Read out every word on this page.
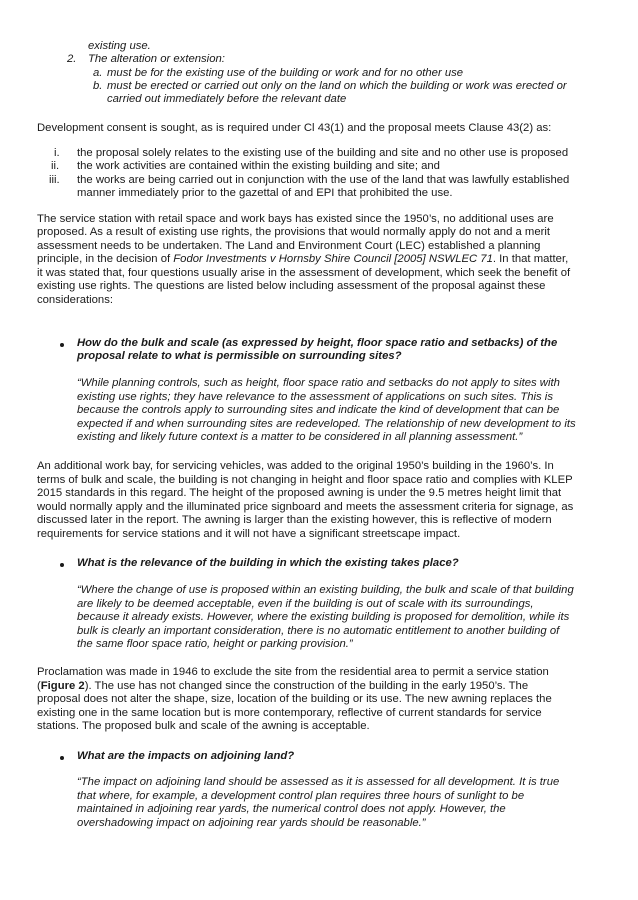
existing use.
2. The alteration or extension:
a. must be for the existing use of the building or work and for no other use
b. must be erected or carried out only on the land on which the building or work was erected or
carried out immediately before the relevant date
Development consent is sought, as is required under Cl 43(1) and the proposal meets Clause 43(2) as:
i. the proposal solely relates to the existing use of the building and site and no other use is proposed
ii. the work activities are contained within the existing building and site; and
iii. the works are being carried out in conjunction with the use of the land that was lawfully established
manner immediately prior to the gazettal of and EPI that prohibited the use.
The service station with retail space and work bays has existed since the 1950’s, no additional uses are
proposed. As a result of existing use rights, the provisions that would normally apply do not and a merit
assessment needs to be undertaken. The Land and Environment Court (LEC) established a planning
principle, in the decision of Fodor Investments v Hornsby Shire Council [2005] NSWLEC 71. In that matter,
it was stated that, four questions usually arise in the assessment of development, which seek the benefit of
existing use rights. The questions are listed below including assessment of the proposal against these
considerations:
How do the bulk and scale (as expressed by height, floor space ratio and setbacks) of the
proposal relate to what is permissible on surrounding sites?
“While planning controls, such as height, floor space ratio and setbacks do not apply to sites with
existing use rights; they have relevance to the assessment of applications on such sites. This is
because the controls apply to surrounding sites and indicate the kind of development that can be
expected if and when surrounding sites are redeveloped. The relationship of new development to its
existing and likely future context is a matter to be considered in all planning assessment.”
An additional work bay, for servicing vehicles, was added to the original 1950’s building in the 1960’s. In
terms of bulk and scale, the building is not changing in height and floor space ratio and complies with KLEP
2015 standards in this regard. The height of the proposed awning is under the 9.5 metres height limit that
would normally apply and the illuminated price signboard and meets the assessment criteria for signage, as
discussed later in the report. The awning is larger than the existing however, this is reflective of modern
requirements for service stations and it will not have a significant streetscape impact.
What is the relevance of the building in which the existing takes place?
“Where the change of use is proposed within an existing building, the bulk and scale of that building
are likely to be deemed acceptable, even if the building is out of scale with its surroundings,
because it already exists. However, where the existing building is proposed for demolition, while its
bulk is clearly an important consideration, there is no automatic entitlement to another building of
the same floor space ratio, height or parking provision.”
Proclamation was made in 1946 to exclude the site from the residential area to permit a service station
(Figure 2). The use has not changed since the construction of the building in the early 1950’s. The
proposal does not alter the shape, size, location of the building or its use. The new awning replaces the
existing one in the same location but is more contemporary, reflective of current standards for service
stations. The proposed bulk and scale of the awning is acceptable.
What are the impacts on adjoining land?
“The impact on adjoining land should be assessed as it is assessed for all development. It is true
that where, for example, a development control plan requires three hours of sunlight to be
maintained in adjoining rear yards, the numerical control does not apply. However, the
overshadowing impact on adjoining rear yards should be reasonable.”
